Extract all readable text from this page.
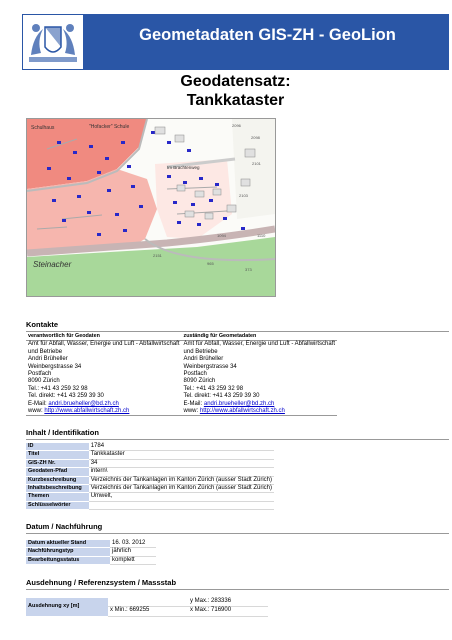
Geometadaten GIS-ZH - GeoLion
Geodatensatz:
Tankkataster
"Hofacker" Schule
Schulhaus
Steinacher
Im Brachtenweg
2096
2101
373
965
1110
2103
1094
2098
2151
Kontakte
verantwortlich für Geodaten	zuständig für Geometadaten
Amt für Abfall, Wasser, Energie und Luft - Abfallwirtschaft	Amt für Abfall, Wasser, Energie und Luft - Abfallwirtschaft
und Betriebe	und Betriebe
Andri Brüheller	Andri Brüheller
Weinbergstrasse 34	Weinbergstrasse 34
Postfach	Postfach
8090 Zürich	8090 Zürich
Tel.: +41 43 259 32 98	Tel.: +41 43 259 32 98
Tel. direkt: +41 43 259 39 30	Tel. direkt: +41 43 259 39 30
E-Mail: andri.brueheller@bd.zh.ch	E-Mail: andri.brueheller@bd.zh.ch
www: http://www.abfallwirtschaft.zh.ch	www: http://www.abfallwirtschaft.zh.ch
Inhalt / Identifikation
ID	1784
Titel	Tankkataster
GIS-ZH Nr.	34
Geodaten-Pfad	intern\
Kurzbeschreibung	Verzeichnis der Tankanlagen im Kanton Zürich (ausser Stadt Zürich)
Inhaltsbeschreibung	Verzeichnis der Tankanlagen im Kanton Zürich (ausser Stadt Zürich)
Themen	Umwelt,
Schlüsselwörter	
Datum / Nachführung
Datum aktueller Stand	16. 03. 2012
Nachführungstyp	jährlich
Bearbeitungsstatus	komplett
Ausdehnung / Referenzsystem / Massstab
Ausdehnung xy [m]		y Max.: 283336
	x Min.: 669255	x Max.: 716900
